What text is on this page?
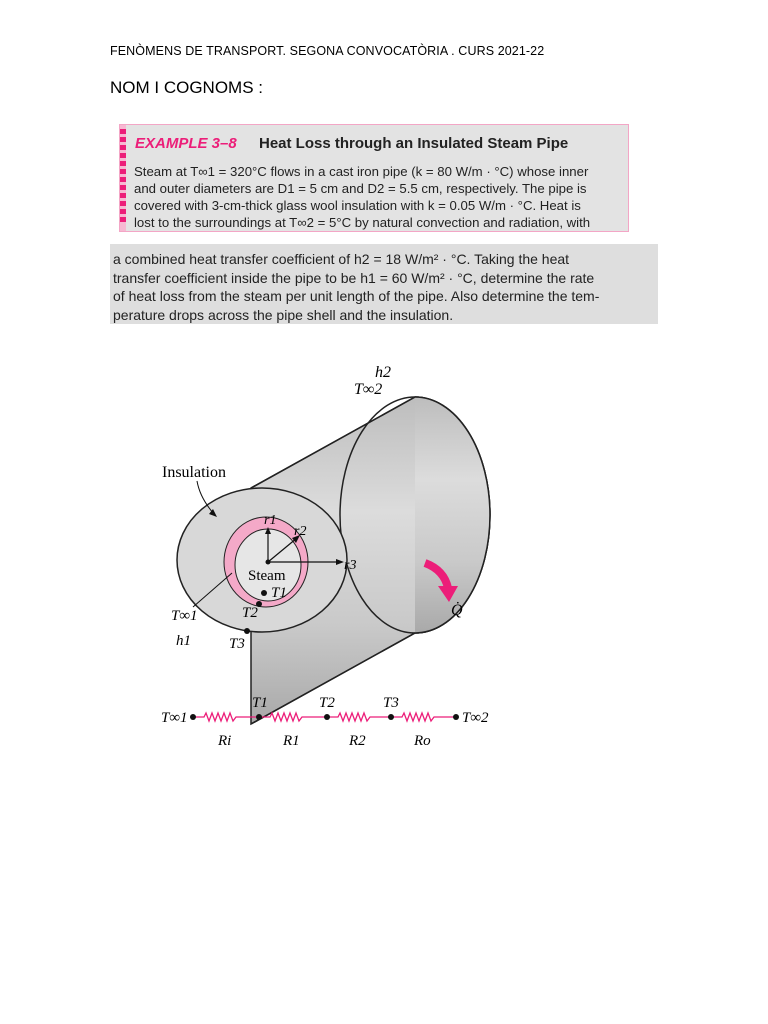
FENÒMENS DE TRANSPORT. SEGONA CONVOCATÒRIA . CURS 2021-22
NOM I COGNOMS :
EXAMPLE 3–8 Heat Loss through an Insulated Steam Pipe
Steam at T∞1 = 320°C flows in a cast iron pipe (k = 80 W/m · °C) whose inner
and outer diameters are D1 = 5 cm and D2 = 5.5 cm, respectively. The pipe is
covered with 3-cm-thick glass wool insulation with k = 0.05 W/m · °C. Heat is
lost to the surroundings at T∞2 = 5°C by natural convection and radiation, with
a combined heat transfer coefficient of h2 = 18 W/m² · °C. Taking the heat
transfer coefficient inside the pipe to be h1 = 60 W/m² · °C, determine the rate
of heat loss from the steam per unit length of the pipe. Also determine the tem-
perature drops across the pipe shell and the insulation.
h2
T∞2
Insulation
r1
r2
r3
Steam
T1
T2
T3
T∞1
h1
Q̇
T∞1	T∞2
T1	T2	T3
Ri	R1	R2	Ro
